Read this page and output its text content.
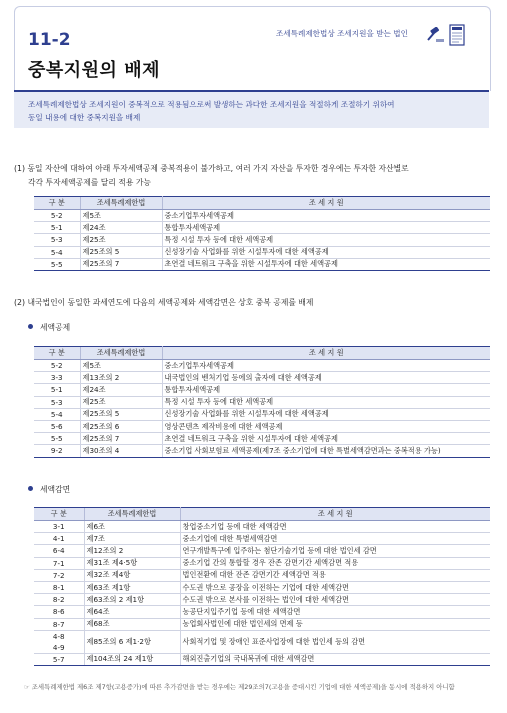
11-2
중복지원의 배제
조세특례제한법상 조세지원을 받는 법인

조세특례제한법상 조세지원이 중복적으로 적용됨으로써 발생하는 과다한 조세지원을 적절하게 조절하기 위하여

동일 내용에 대한 중복지원을 배제

(1) 동일 자산에 대하여 아래 투자세액공제 중복적용이 불가하고, 여러 가지 자산을 투자한 경우에는 투자한 자산별로
각각 투자세액공제를 달리 적용 가능
구 분	조세특례제한법	조 세 지 원
5-2	제5조	중소기업투자세액공제
5-1	제24조	통합투자세액공제
5-3	제25조	특정 시설 투자 등에 대한 세액공제
5-4	제25조의 5	신성장기술 사업화를 위한 시설투자에 대한 세액공제
5-5	제25조의 7	초연결 네트워크 구축을 위한 시설투자에 대한 세액공제
(2) 내국법인이 동일한 과세연도에 다음의 세액공제와 세액감면은 상호 중복 공제를 배제
세액공제
구 분	조세특례제한법	조 세 지 원
5-2	제5조	중소기업투자세액공제
3-3	제13조의 2	내국법인의 벤처기업 등에의 출자에 대한 세액공제
5-1	제24조	통합투자세액공제
5-3	제25조	특정 시설 투자 등에 대한 세액공제
5-4	제25조의 5	신성장기술 사업화를 위한 시설투자에 대한 세액공제
5-6	제25조의 6	영상콘텐츠 제작비용에 대한 세액공제
5-5	제25조의 7	초연결 네트워크 구축을 위한 시설투자에 대한 세액공제
9-2	제30조의 4	중소기업 사회보험료 세액공제(제7조 중소기업에 대한 특별세액감면과는 중복적용 가능)
세액감면
구 분	조세특례제한법	조 세 지 원
3-1	제6조	창업중소기업 등에 대한 세액감면
4-1	제7조	중소기업에 대한 특별세액감면
6-4	제12조의 2	연구개발특구에 입주하는 첨단기술기업 등에 대한 법인세 감면
7-1	제31조 제4·5항	중소기업 간의 통합할 경우 잔존 감면기간 세액감면 적용
7-2	제32조 제4항	법인전환에 대한 잔존 감면기간 세액감면 적용
8-1	제63조 제1항	수도권 밖으로 공장을 이전하는 기업에 대한 세액감면
8-2	제63조의 2 제1항	수도권 밖으로 본사를 이전하는 법인에 대한 세액감면
8-6	제64조	농공단지입주기업 등에 대한 세액감면
8-7	제68조	농업회사법인에 대한 법인세의 면제 등
4-8
4-9	제85조의 6 제1·2항	사회적기업 및 장애인 표준사업장에 대한 법인세 등의 감면
5-7	제104조의 24 제1항	해외진출기업의 국내복귀에 대한 세액감면
☞ 조세특례제한법 제6조 제7항(고용증가)에 따른 추가감면을 받는 경우에는 제29조의7(고용을 증대시킨 기업에 대한 세액공제)을 동시에 적용하지 아니함
